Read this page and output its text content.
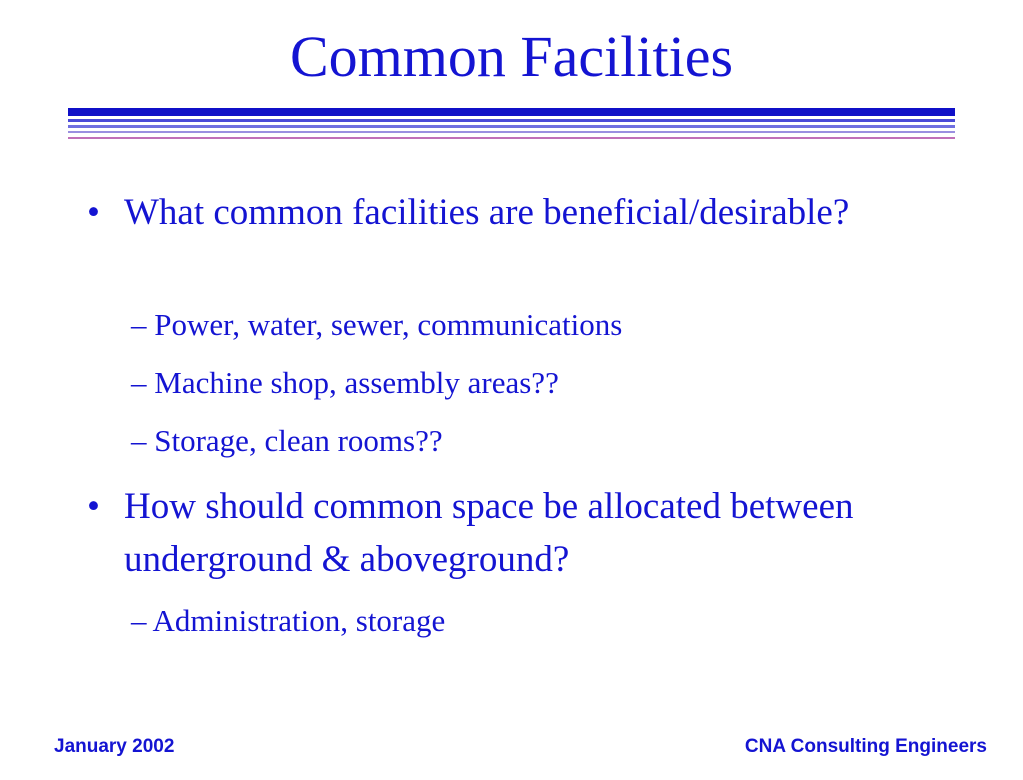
Common Facilities
• What common facilities are beneficial/desirable?
– Power, water, sewer, communications
– Machine shop, assembly areas??
– Storage, clean rooms??
• How should common space be allocated between underground & aboveground?
– Administration, storage
January 2002	CNA Consulting Engineers
